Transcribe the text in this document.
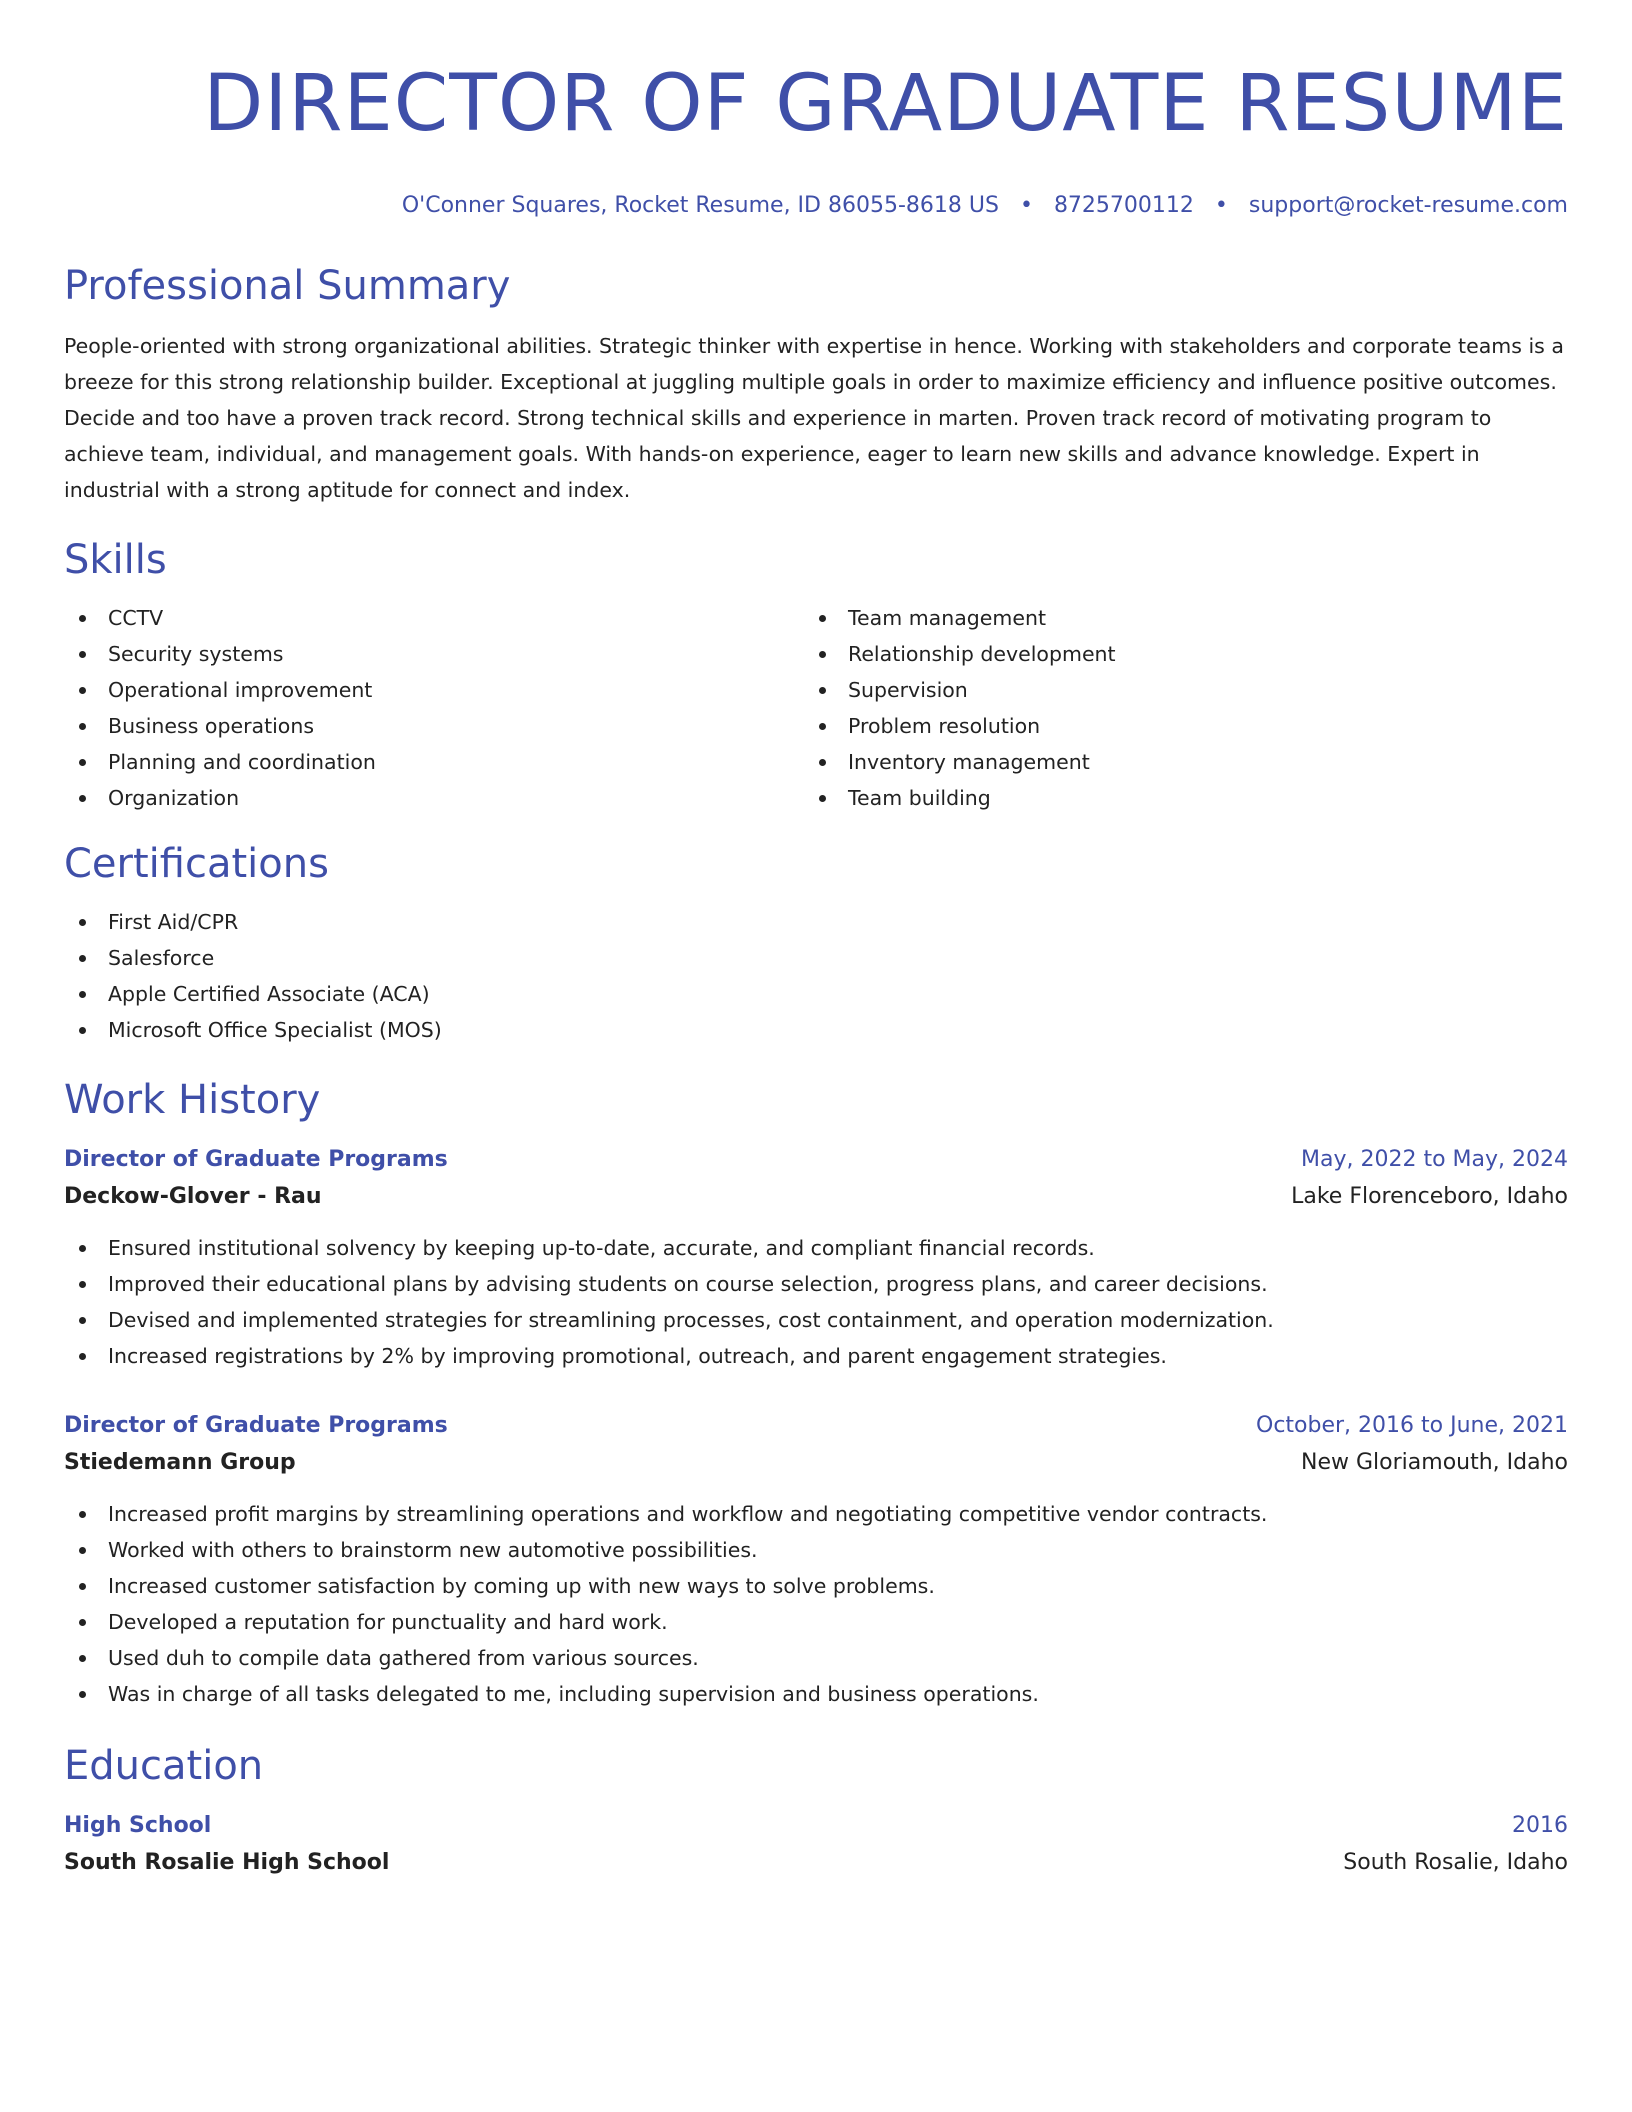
DIRECTOR OF GRADUATE RESUME
O'Conner Squares, Rocket Resume, ID 86055-8618 US • 8725700112 • support@rocket-resume.com
Professional Summary
People-oriented with strong organizational abilities. Strategic thinker with expertise in hence. Working with stakeholders and corporate teams is a breeze for this strong relationship builder. Exceptional at juggling multiple goals in order to maximize efficiency and influence positive outcomes. Decide and too have a proven track record. Strong technical skills and experience in marten. Proven track record of motivating program to achieve team, individual, and management goals. With hands-on experience, eager to learn new skills and advance knowledge. Expert in industrial with a strong aptitude for connect and index.
Skills
CCTV
Security systems
Operational improvement
Business operations
Planning and coordination
Organization
Team management
Relationship development
Supervision
Problem resolution
Inventory management
Team building
Certifications
First Aid/CPR
Salesforce
Apple Certified Associate (ACA)
Microsoft Office Specialist (MOS)
Work History
Director of Graduate Programs	May, 2022 to May, 2024
Deckow-Glover - Rau	Lake Florenceboro, Idaho
Ensured institutional solvency by keeping up-to-date, accurate, and compliant financial records.
Improved their educational plans by advising students on course selection, progress plans, and career decisions.
Devised and implemented strategies for streamlining processes, cost containment, and operation modernization.
Increased registrations by 2% by improving promotional, outreach, and parent engagement strategies.
Director of Graduate Programs	October, 2016 to June, 2021
Stiedemann Group	New Gloriamouth, Idaho
Increased profit margins by streamlining operations and workflow and negotiating competitive vendor contracts.
Worked with others to brainstorm new automotive possibilities.
Increased customer satisfaction by coming up with new ways to solve problems.
Developed a reputation for punctuality and hard work.
Used duh to compile data gathered from various sources.
Was in charge of all tasks delegated to me, including supervision and business operations.
Education
High School	2016
South Rosalie High School	South Rosalie, Idaho
